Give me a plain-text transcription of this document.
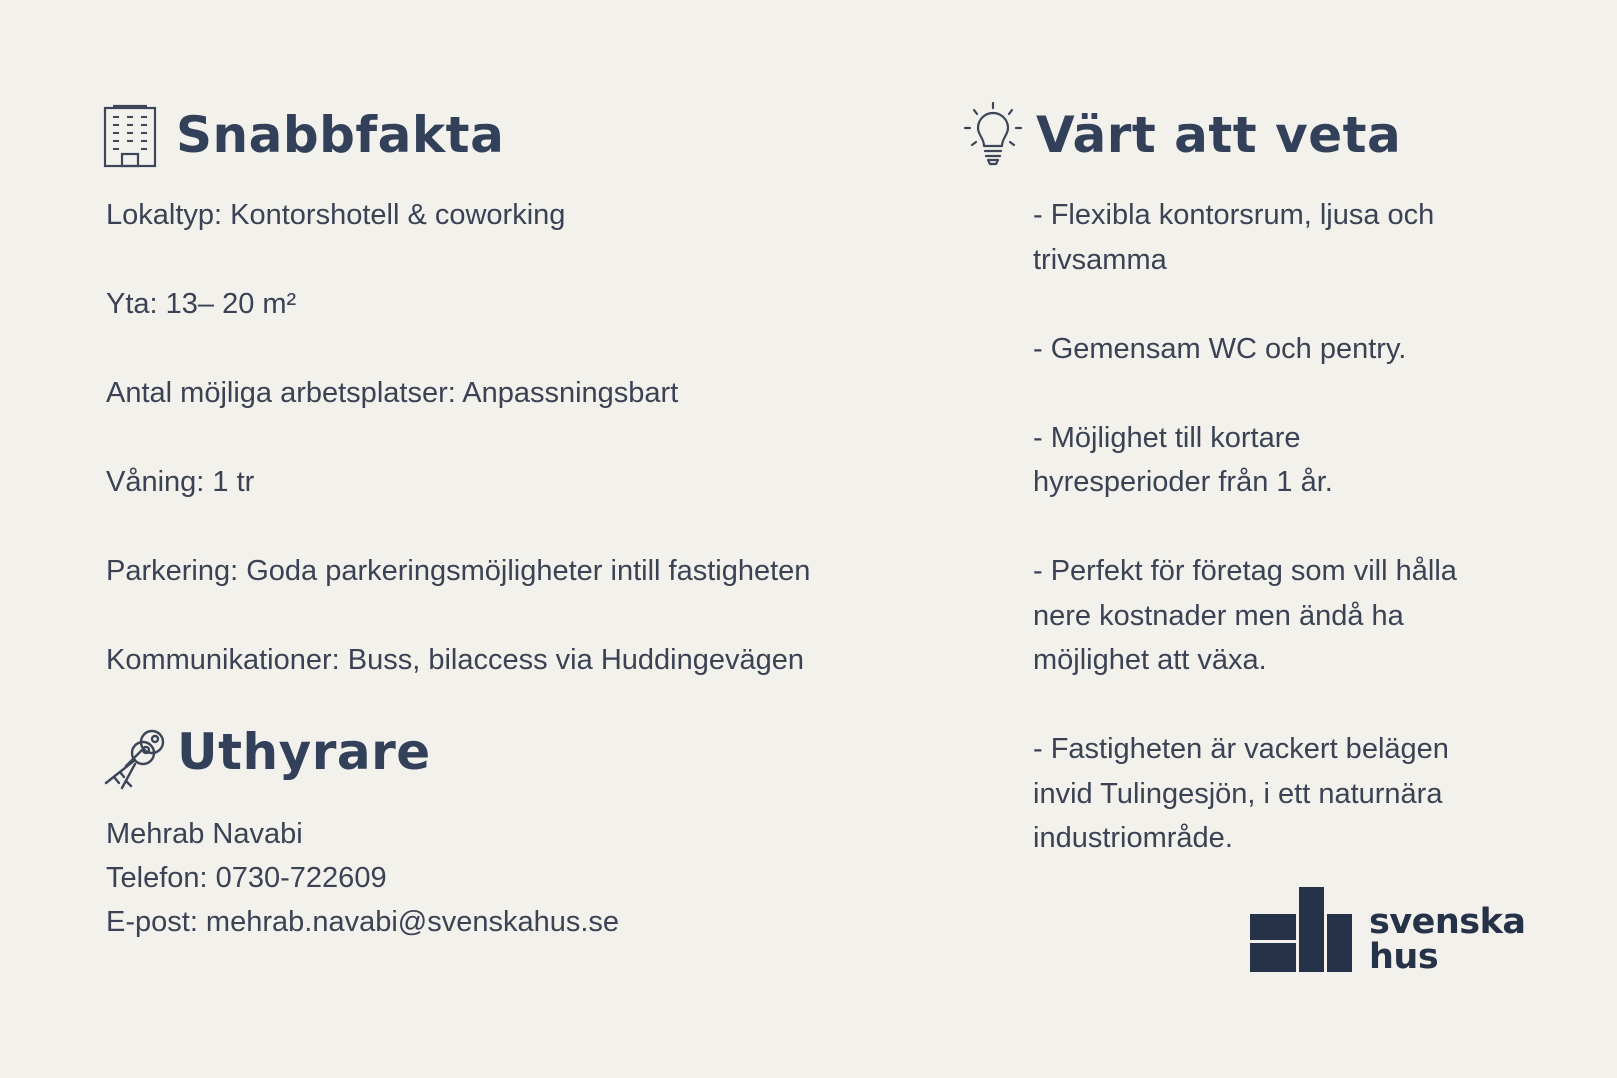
Snabbfakta
Lokaltyp: Kontorshotell & coworking
Yta: 13– 20 m²
Antal möjliga arbetsplatser: Anpassningsbart
Våning: 1 tr
Parkering: Goda parkeringsmöjligheter intill fastigheten
Kommunikationer: Buss, bilaccess via Huddingevägen
Uthyrare
Mehrab Navabi
Telefon: 0730-722609
E-post: mehrab.navabi@svenskahus.se
Värt att veta
- Flexibla kontorsrum, ljusa och
trivsamma
- Gemensam WC och pentry.
- Möjlighet till kortare
hyresperioder från 1 år.
- Perfekt för företag som vill hålla
nere kostnader men ändå ha
möjlighet att växa.
- Fastigheten är vackert belägen
invid Tulingesjön, i ett naturnära
industriområde.
svenska
hus
